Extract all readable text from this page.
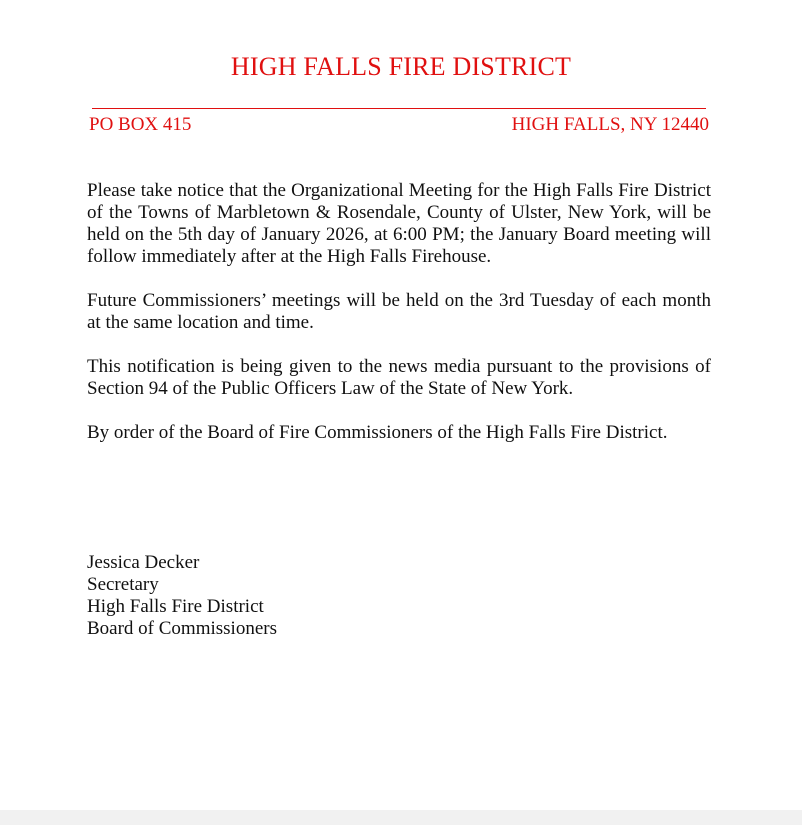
HIGH FALLS FIRE DISTRICT
PO BOX 415	HIGH FALLS, NY 12440

Please take notice that the Organizational Meeting for the High Falls Fire District of the Towns of Marbletown & Rosendale, County of Ulster, New York, will be held on the 5th day of January 2026, at 6:00 PM; the January Board meeting will follow immediately after at the High Falls Firehouse.

Future Commissioners’ meetings will be held on the 3rd Tuesday of each month at the same location and time.

This notification is being given to the news media pursuant to the provisions of Section 94 of the Public Officers Law of the State of New York.

By order of the Board of Fire Commissioners of the High Falls Fire District.

Jessica Decker
Secretary
High Falls Fire District
Board of Commissioners
